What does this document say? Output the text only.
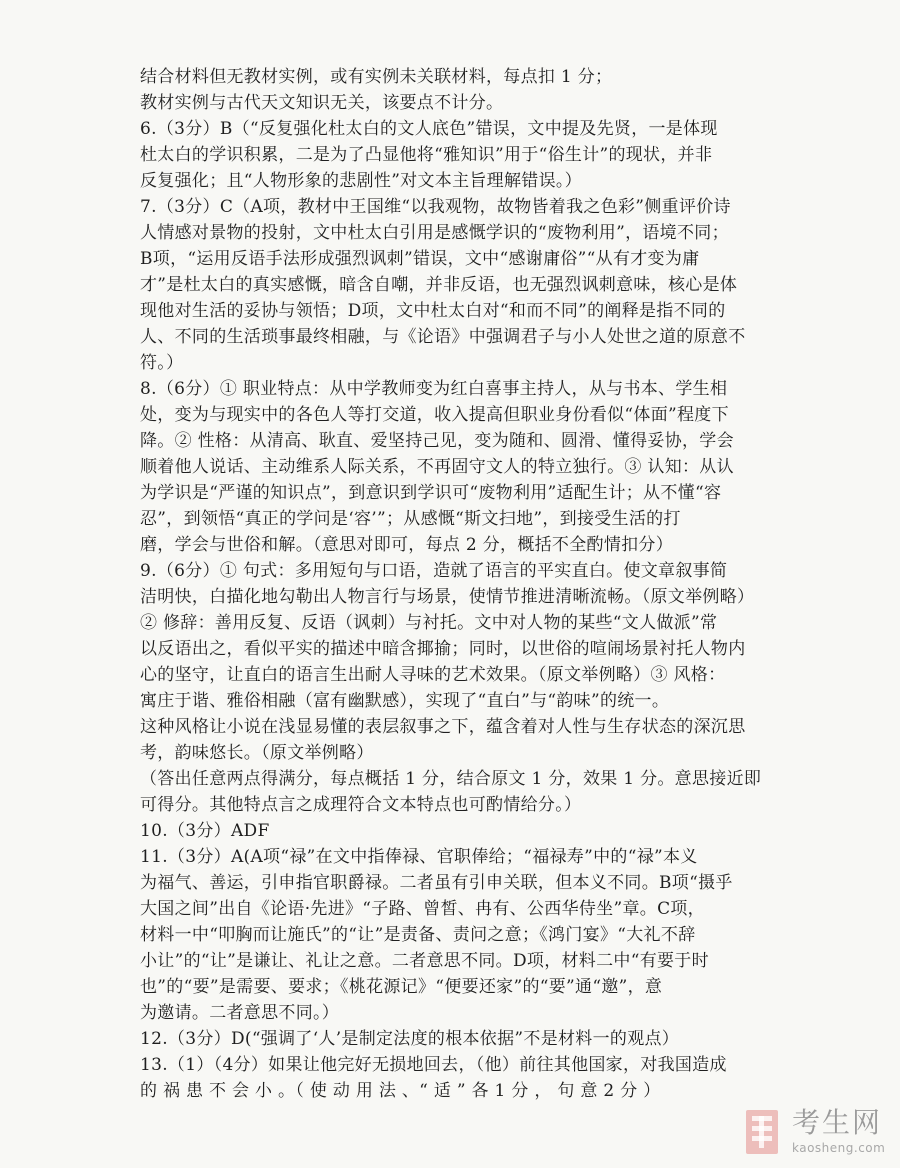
结合材料但无教材实例，或有实例未关联材料，每点扣 1 分；
教材实例与古代天文知识无关，该要点不计分。
6.（3分）B（“反复强化杜太白的文人底色”错误，文中提及先贤，一是体现
杜太白的学识积累，二是为了凸显他将“雅知识”用于“俗生计”的现状，并非
反复强化；且“人物形象的悲剧性”对文本主旨理解错误。）
7.（3分）C（A项，教材中王国维“以我观物，故物皆着我之色彩”侧重评价诗
人情感对景物的投射，文中杜太白引用是感慨学识的“废物利用”，语境不同；
B项，“运用反语手法形成强烈讽刺”错误，文中“感谢庸俗”“从有才变为庸
才”是杜太白的真实感慨，暗含自嘲，并非反语，也无强烈讽刺意味，核心是体
现他对生活的妥协与领悟；D项，文中杜太白对“和而不同”的阐释是指不同的
人、不同的生活琐事最终相融，与《论语》中强调君子与小人处世之道的原意不
符。）
8.（6分）① 职业特点：从中学教师变为红白喜事主持人，从与书本、学生相
处，变为与现实中的各色人等打交道，收入提高但职业身份看似“体面”程度下
降。② 性格：从清高、耿直、爱坚持己见，变为随和、圆滑、懂得妥协，学会
顺着他人说话、主动维系人际关系，不再固守文人的特立独行。③ 认知：从认
为学识是“严谨的知识点”，到意识到学识可“废物利用”适配生计；从不懂“容
忍”，到领悟“真正的学问是‘容’”；从感慨“斯文扫地”，到接受生活的打
磨，学会与世俗和解。（意思对即可，每点 2 分，概括不全酌情扣分）
9.（6分）① 句式：多用短句与口语，造就了语言的平实直白。使文章叙事简
洁明快，白描化地勾勒出人物言行与场景，使情节推进清晰流畅。（原文举例略）
② 修辞：善用反复、反语（讽刺）与衬托。文中对人物的某些“文人做派”常
以反语出之，看似平实的描述中暗含揶揄；同时，以世俗的喧闹场景衬托人物内
心的坚守，让直白的语言生出耐人寻味的艺术效果。（原文举例略）③ 风格：
寓庄于谐、雅俗相融（富有幽默感），实现了“直白”与“韵味”的统一。
这种风格让小说在浅显易懂的表层叙事之下，蕴含着对人性与生存状态的深沉思
考，韵味悠长。（原文举例略）
（答出任意两点得满分，每点概括 1 分，结合原文 1 分，效果 1 分。意思接近即
可得分。其他特点言之成理符合文本特点也可酌情给分。）
10.（3分）ADF
11.（3分）A(A项“禄”在文中指俸禄、官职俸给；“福禄寿”中的“禄”本义
为福气、善运，引申指官职爵禄。二者虽有引申关联，但本义不同。B项“摄乎
大国之间”出自《论语·先进》“子路、曾皙、冉有、公西华侍坐”章。C项，
材料一中“叩胸而让施氏”的“让”是责备、责问之意；《鸿门宴》“大礼不辞
小让”的“让”是谦让、礼让之意。二者意思不同。D项，材料二中“有要于时
也”的“要”是需要、要求；《桃花源记》“便要还家”的“要”通“邀”，意
为邀请。二者意思不同。）
12.（3分）D(“强调了‘人’是制定法度的根本依据”不是材料一的观点）
13.（1）（4分）如果让他完好无损地回去，（他）前往其他国家，对我国造成
的 祸 患 不 会 小 。（ 使 动 用 法 、“ 适 ” 各 1 分 ， 句 意 2 分 ）
考生网
kaosheng.com
